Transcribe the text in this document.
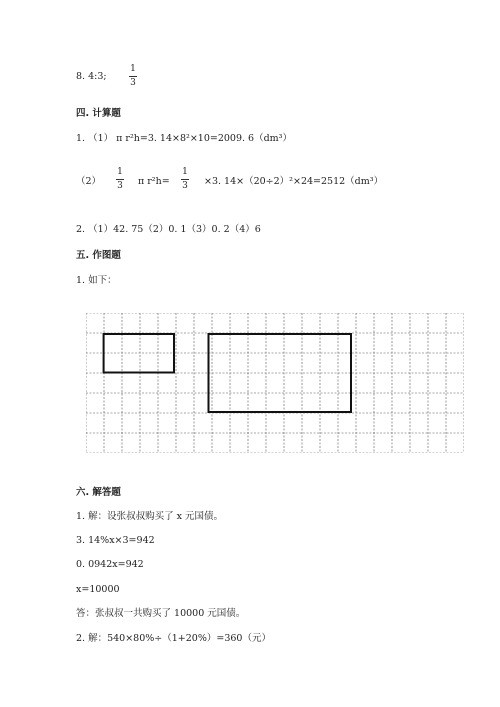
8. 4:3;
1
3
四. 计算题
1. （1） π r²h=3. 14×8²×10=2009. 6（dm³）
（2）
1
3 π r²h=
1
3 ×3. 14×（20÷2）²×24=2512（dm³）
2. （1）42. 75（2）0. 1（3）0. 2（4）6
五. 作图题
1. 如下：
六. 解答题
1. 解：设张叔叔购买了 x 元国债。
3. 14%x×3=942
0. 0942x=942
x=10000
答：张叔叔一共购买了 10000 元国债。
2. 解：540×80%÷（1+20%）=360（元）
